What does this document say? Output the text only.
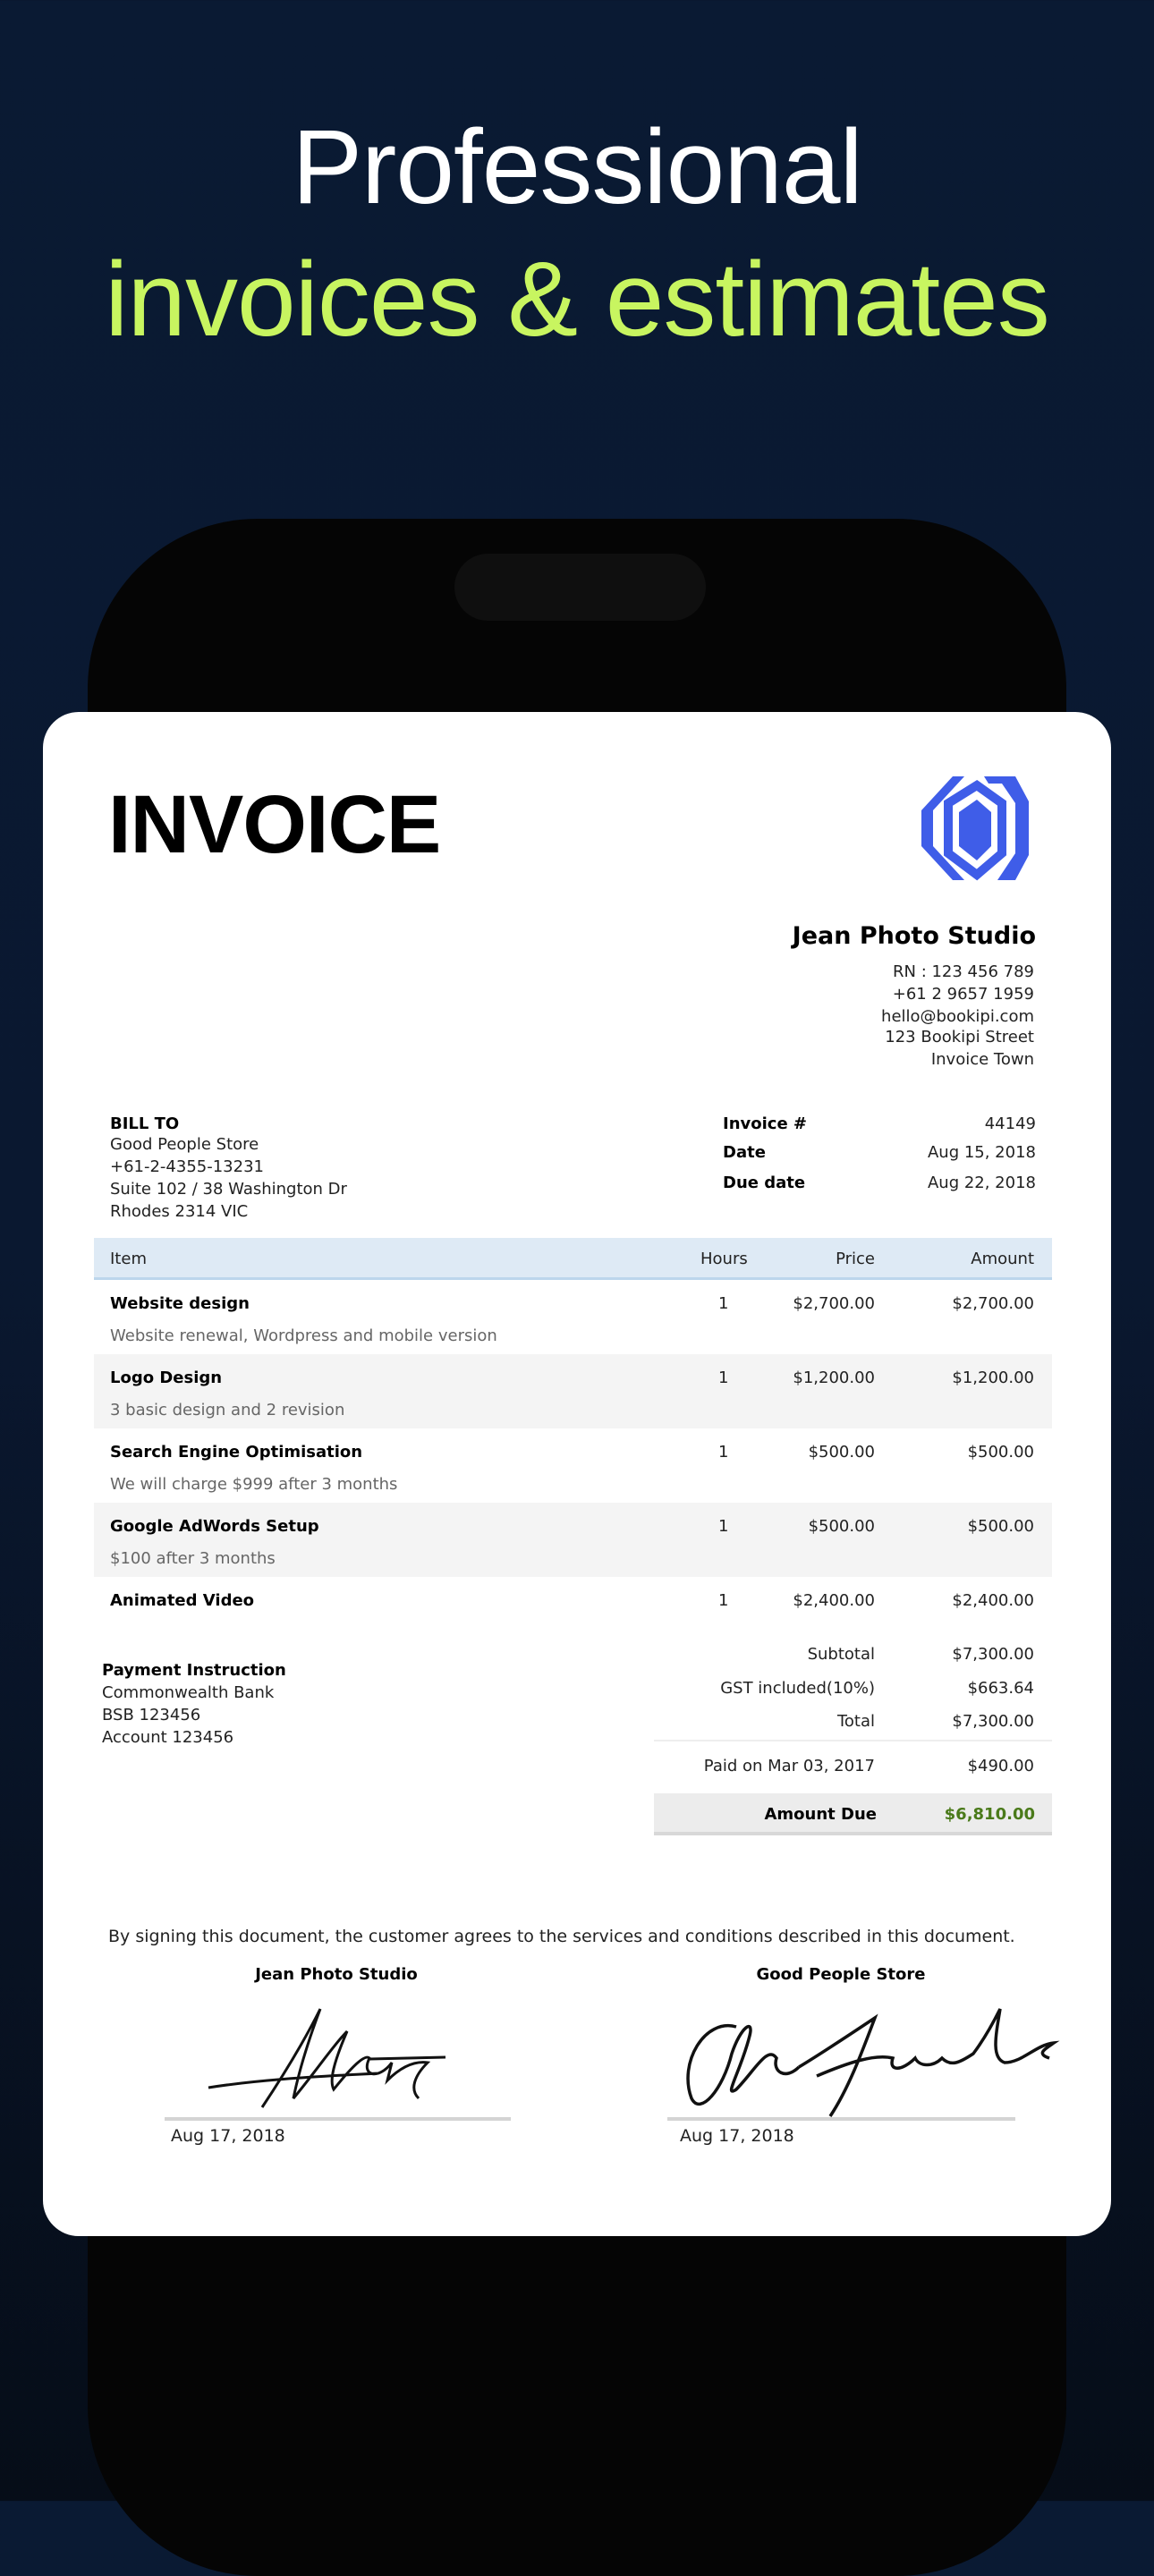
Professional
invoices & estimates
INVOICE
Jean Photo Studio
RN : 123 456 789
+61 2 9657 1959
hello@bookipi.com
123 Bookipi Street
Invoice Town
BILL TO
Good People Store
+61-2-4355-13231
Suite 102 / 38 Washington Dr
Rhodes 2314 VIC
Invoice #	44149
Date	Aug 15, 2018
Due date	Aug 22, 2018
Item	Hours	Price	Amount
Website design
Website renewal, Wordpress and mobile version
1	$2,700.00	$2,700.00
Logo Design
3 basic design and 2 revision
1	$1,200.00	$1,200.00
Search Engine Optimisation
We will charge $999 after 3 months
1	$500.00	$500.00
Google AdWords Setup
$100 after 3 months
1	$500.00	$500.00
Animated Video	1	$2,400.00	$2,400.00
Payment Instruction
Commonwealth Bank
BSB 123456
Account 123456
Subtotal	$7,300.00
GST included(10%)	$663.64
Total	$7,300.00
Paid on Mar 03, 2017	$490.00
Amount Due	$6,810.00
By signing this document, the customer agrees to the services and conditions described in this document.
Jean Photo Studio	Good People Store
Aug 17, 2018	Aug 17, 2018
